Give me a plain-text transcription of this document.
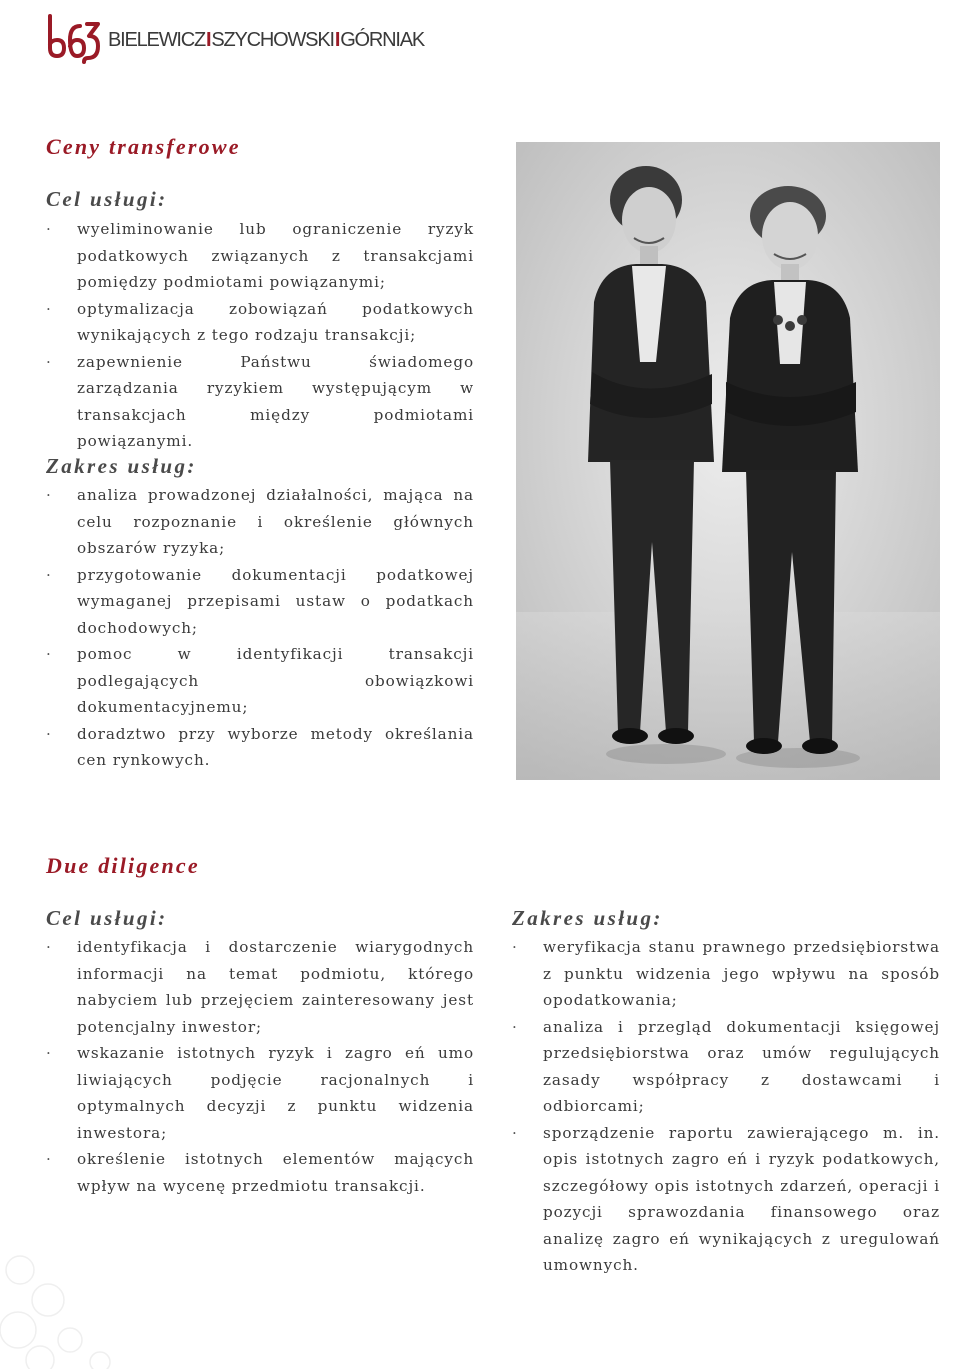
BIELEWICZISZYCHOWSKIIGÓRNIAK
Ceny transferowe
Cel usługi:
· wyeliminowanie lub ograniczenie ryzyk podatkowych związanych z transakcjami pomiędzy podmiotami powiązanymi;
· optymalizacja zobowiązań podatkowych wynikających z tego rodzaju transakcji;
· zapewnienie Państwu świadomego zarządzania ryzykiem występującym w transakcjach między podmiotami powiązanymi.
Zakres usług:
· analiza prowadzonej działalności, mająca na celu rozpoznanie i określenie głównych obszarów ryzyka;
· przygotowanie dokumentacji podatkowej wymaganej przepisami ustaw o podatkach dochodowych;
· pomoc w identyfikacji transakcji podlegających obowiązkowi dokumentacyjnemu;
· doradztwo przy wyborze metody określania cen rynkowych.
Due diligence
Cel usługi:
· identyfikacja i dostarczenie wiarygodnych informacji na temat podmiotu, którego nabyciem lub przejęciem zainteresowany jest potencjalny inwestor;
· wskazanie istotnych ryzyk i zagro eń umo liwiających podjęcie racjonalnych i optymalnych decyzji z punktu widzenia inwestora;
· określenie istotnych elementów mających wpływ na wycenę przedmiotu transakcji.
Zakres usług:
· weryfikacja stanu prawnego przedsiębiorstwa z punktu widzenia jego wpływu na sposób opodatkowania;
· analiza i przegląd dokumentacji księgowej przedsiębiorstwa oraz umów regulujących zasady współpracy z dostawcami i odbiorcami;
· sporządzenie raportu zawierającego m. in. opis istotnych zagro eń i ryzyk podatkowych, szczegółowy opis istotnych zdarzeń, operacji i pozycji sprawozdania finansowego oraz analizę zagro eń wynikających z uregulowań umownych.
